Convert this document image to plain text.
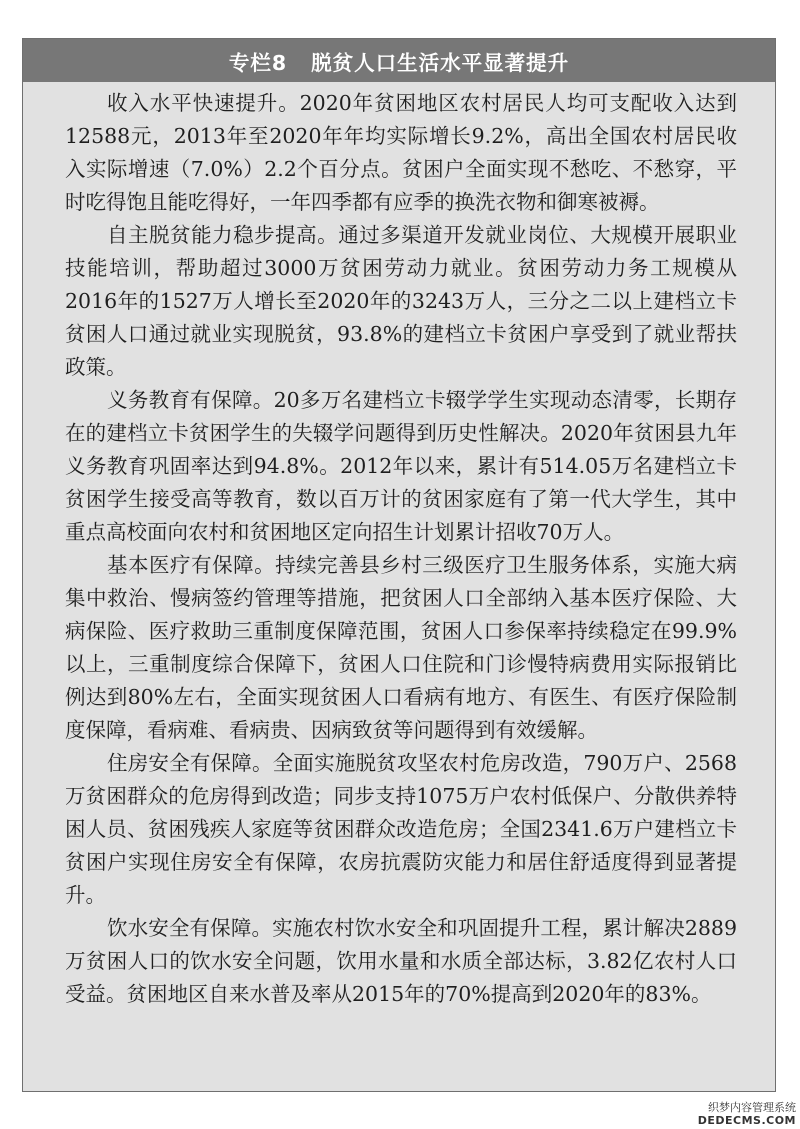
专栏8 脱贫人口生活水平显著提升

收入水平快速提升。2020年贫困地区农村居民人均可支配收入达到12588元，2013年至2020年年均实际增长9.2%，高出全国农村居民收入实际增速（7.0%）2.2个百分点。贫困户全面实现不愁吃、不愁穿，平时吃得饱且能吃得好，一年四季都有应季的换洗衣物和御寒被褥。

自主脱贫能力稳步提高。通过多渠道开发就业岗位、大规模开展职业技能培训，帮助超过3000万贫困劳动力就业。贫困劳动力务工规模从2016年的1527万人增长至2020年的3243万人，三分之二以上建档立卡贫困人口通过就业实现脱贫，93.8%的建档立卡贫困户享受到了就业帮扶政策。

义务教育有保障。20多万名建档立卡辍学学生实现动态清零，长期存在的建档立卡贫困学生的失辍学问题得到历史性解决。2020年贫困县九年义务教育巩固率达到94.8%。2012年以来，累计有514.05万名建档立卡贫困学生接受高等教育，数以百万计的贫困家庭有了第一代大学生，其中重点高校面向农村和贫困地区定向招生计划累计招收70万人。

基本医疗有保障。持续完善县乡村三级医疗卫生服务体系，实施大病集中救治、慢病签约管理等措施，把贫困人口全部纳入基本医疗保险、大病保险、医疗救助三重制度保障范围，贫困人口参保率持续稳定在99.9%以上，三重制度综合保障下，贫困人口住院和门诊慢特病费用实际报销比例达到80%左右，全面实现贫困人口看病有地方、有医生、有医疗保险制度保障，看病难、看病贵、因病致贫等问题得到有效缓解。

住房安全有保障。全面实施脱贫攻坚农村危房改造，790万户、2568万贫困群众的危房得到改造；同步支持1075万户农村低保户、分散供养特困人员、贫困残疾人家庭等贫困群众改造危房；全国2341.6万户建档立卡贫困户实现住房安全有保障，农房抗震防灾能力和居住舒适度得到显著提升。

饮水安全有保障。实施农村饮水安全和巩固提升工程，累计解决2889万贫困人口的饮水安全问题，饮用水量和水质全部达标，3.82亿农村人口受益。贫困地区自来水普及率从2015年的70%提高到2020年的83%。

织梦内容管理系统
DEDECMS.COM
